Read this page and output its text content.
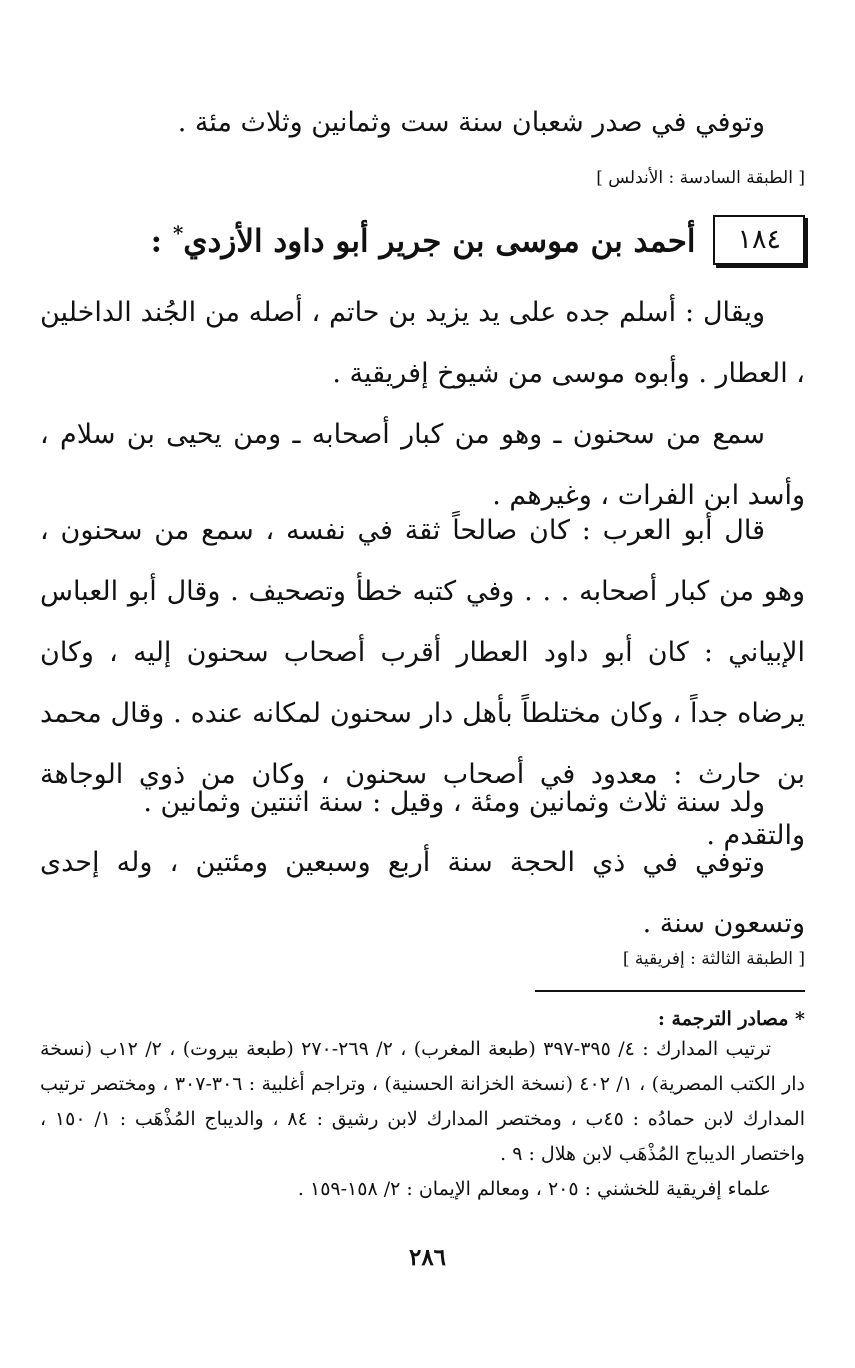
وتوفي في صدر شعبان سنة ست وثمانين وثلاث مئة .

[ الطبقة السادسة : الأندلس ]
١٨٤
أحمد بن موسى بن جرير أبو داود الأزدي* :

ويقال : أسلم جده على يد يزيد بن حاتم ، أصله من الجُند الداخلين ، العطار . وأبوه موسى من شيوخ إفريقية .

سمع من سحنون ـ وهو من كبار أصحابه ـ ومن يحيى بن سلام ، وأسد ابن الفرات ، وغيرهم .

قال أبو العرب : كان صالحاً ثقة في نفسه ، سمع من سحنون ، وهو من كبار أصحابه . . . وفي كتبه خطأ وتصحيف . وقال أبو العباس الإبياني : كان أبو داود العطار أقرب أصحاب سحنون إليه ، وكان يرضاه جداً ، وكان مختلطاً بأهل دار سحنون لمكانه عنده . وقال محمد بن حارث : معدود في أصحاب سحنون ، وكان من ذوي الوجاهة والتقدم .

ولد سنة ثلاث وثمانين ومئة ، وقيل : سنة اثنتين وثمانين .

وتوفي في ذي الحجة سنة أربع وسبعين ومئتين ، وله إحدى وتسعون سنة .

[ الطبقة الثالثة : إفريقية ]

* مصادر الترجمة :

ترتيب المدارك : ٤/ ٣٩٥-٣٩٧ (طبعة المغرب) ، ٢/ ٢٦٩-٢٧٠ (طبعة بيروت) ، ٢/ ١٢ب (نسخة دار الكتب المصرية) ، ١/ ٤٠٢ (نسخة الخزانة الحسنية) ، وتراجم أغلبية : ٣٠٦-٣٠٧ ، ومختصر ترتيب المدارك لابن حمادُه : ٤٥ب ، ومختصر المدارك لابن رشيق : ٨٤ ، والديباج المُذْهَب : ١/ ١٥٠ ، واختصار الديباج المُذْهَب لابن هلال : ٩ .
علماء إفريقية للخشني : ٢٠٥ ، ومعالم الإيمان : ٢/ ١٥٨-١٥٩ .
٢٨٦
